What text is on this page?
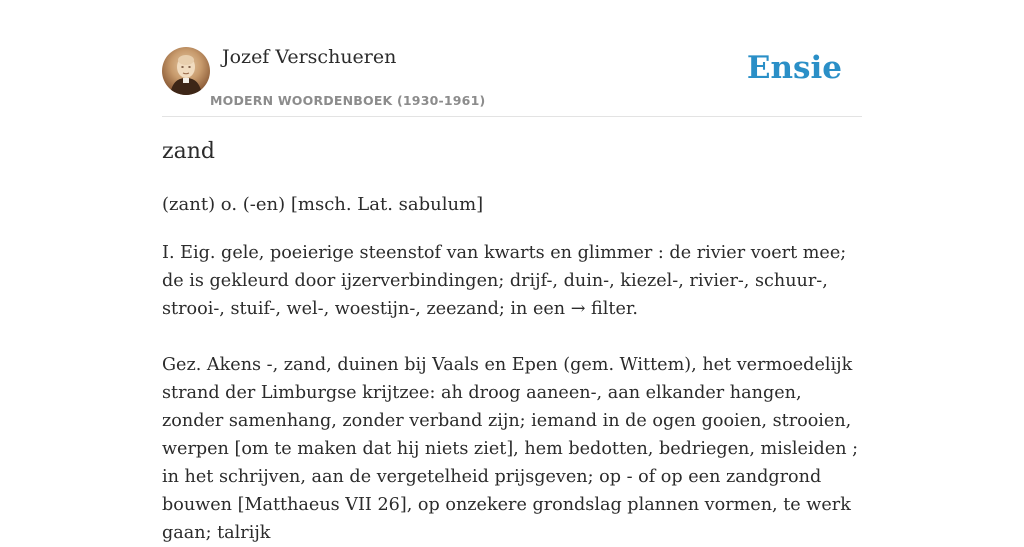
Jozef Verschueren
MODERN WOORDENBOEK (1930-1961)
Ensie
zand
(zant) o. (-en) [msch. Lat. sabulum]

I. Eig. gele, poeierige steenstof van kwarts en glimmer : de rivier voert mee; de is gekleurd door ijzerverbindingen; drijf-, duin-, kiezel-, rivier-, schuur-, strooi-, stuif-, wel-, woestijn-, zeezand; in een → filter.

Gez. Akens -, zand, duinen bij Vaals en Epen (gem. Wittem), het vermoedelijk strand der Limburgse krijtzee: ah droog aaneen-, aan elkander hangen, zonder samenhang, zonder verband zijn; iemand in de ogen gooien, strooien, werpen [om te maken dat hij niets ziet], hem bedotten, bedriegen, misleiden ; in het schrijven, aan de vergetelheid prijsgeven; op - of op een zandgrond bouwen [Matthaeus VII 26], op onzekere grondslag plannen vormen, te werk gaan; talrijk
